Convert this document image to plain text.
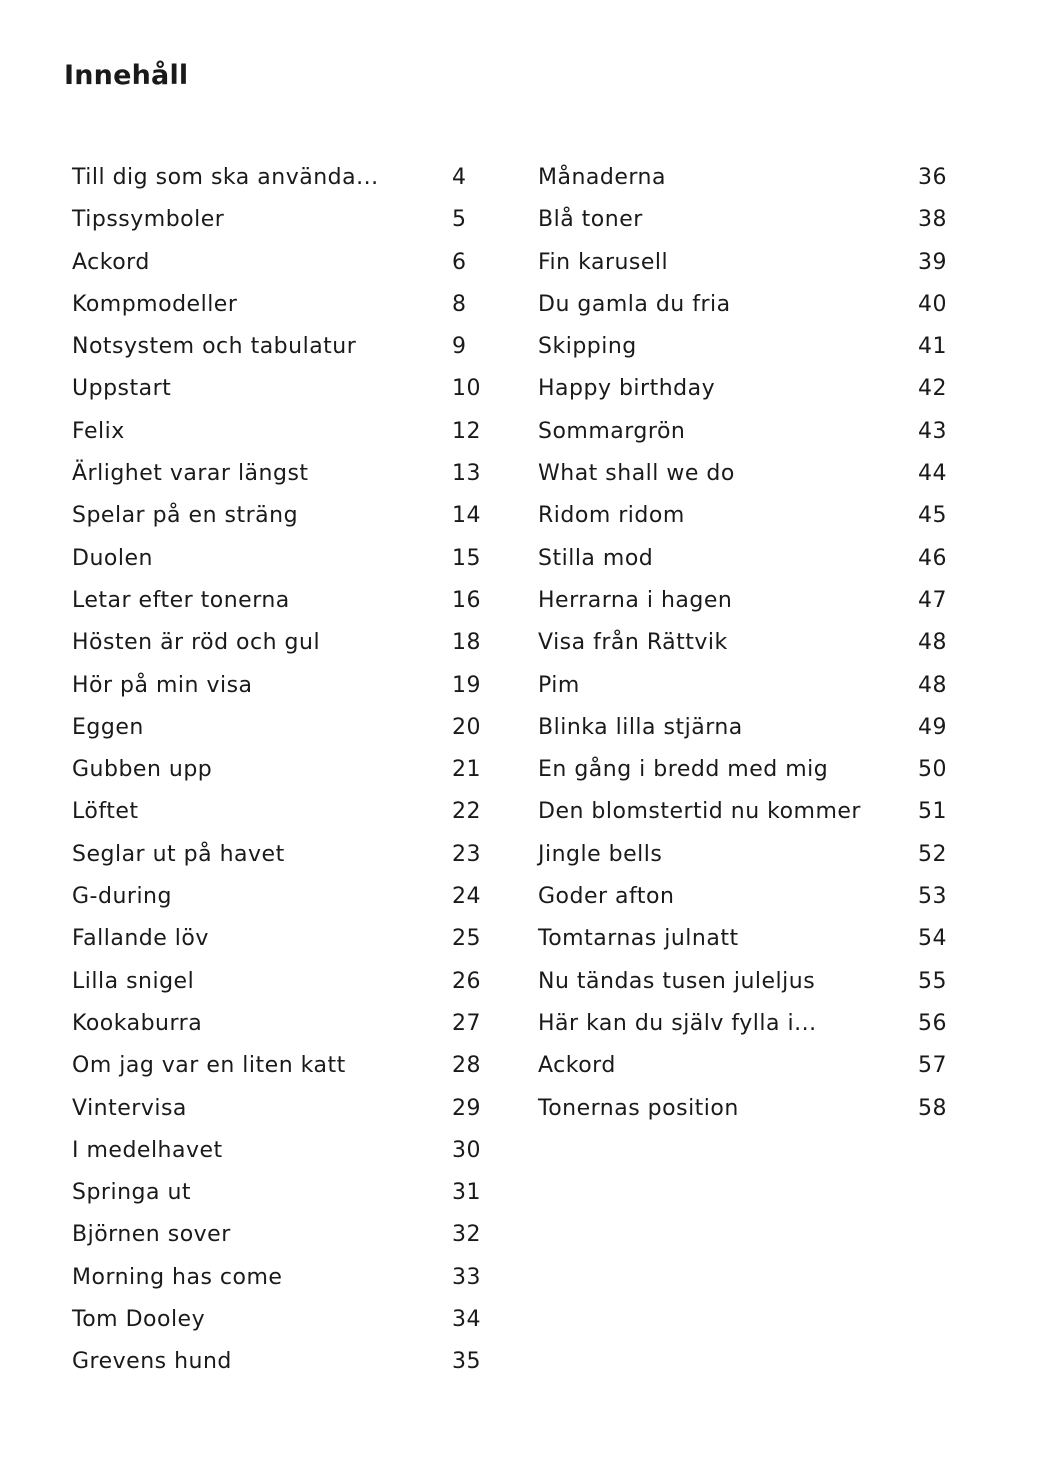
Innehåll
Till dig som ska använda...	4
Tipssymboler	5
Ackord	6
Kompmodeller	8
Notsystem och tabulatur	9
Uppstart	10
Felix	12
Ärlighet varar längst	13
Spelar på en sträng	14
Duolen	15
Letar efter tonerna	16
Hösten är röd och gul	18
Hör på min visa	19
Eggen	20
Gubben upp	21
Löftet	22
Seglar ut på havet	23
G-during	24
Fallande löv	25
Lilla snigel	26
Kookaburra	27
Om jag var en liten katt	28
Vintervisa	29
I medelhavet	30
Springa ut	31
Björnen sover	32
Morning has come	33
Tom Dooley	34
Grevens hund	35
Månaderna	36
Blå toner	38
Fin karusell	39
Du gamla du fria	40
Skipping	41
Happy birthday	42
Sommargrön	43
What shall we do	44
Ridom ridom	45
Stilla mod	46
Herrarna i hagen	47
Visa från Rättvik	48
Pim	48
Blinka lilla stjärna	49
En gång i bredd med mig	50
Den blomstertid nu kommer	51
Jingle bells	52
Goder afton	53
Tomtarnas julnatt	54
Nu tändas tusen juleljus	55
Här kan du själv fylla i...	56
Ackord	57
Tonernas position	58
